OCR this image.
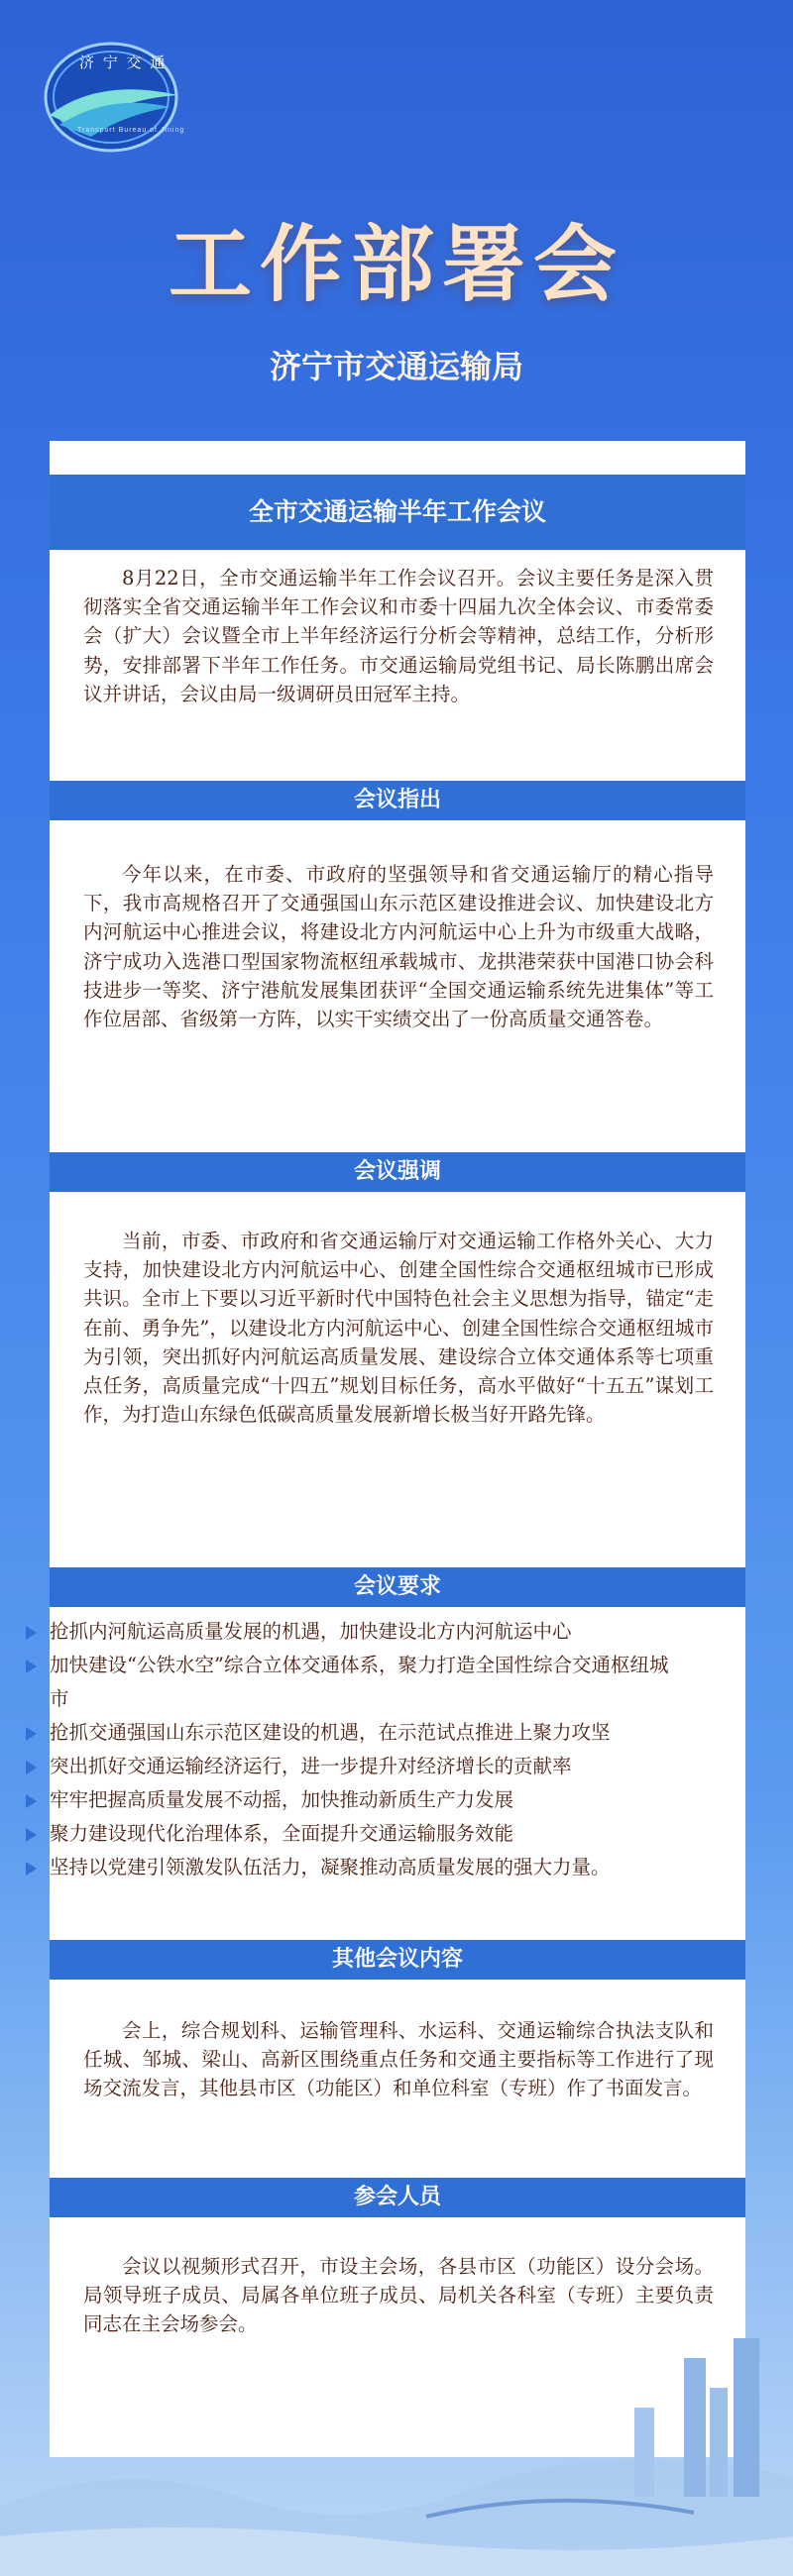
济 宁 交 通
Transport Bureau of Jining
工作部署会
济宁市交通运输局
全市交通运输半年工作会议

8月22日，全市交通运输半年工作会议召开。会议主要任务是深入贯彻落实全省交通运输半年工作会议和市委十四届九次全体会议、市委常委会（扩大）会议暨全市上半年经济运行分析会等精神，总结工作，分析形势，安排部署下半年工作任务。市交通运输局党组书记、局长陈鹏出席会议并讲话，会议由局一级调研员田冠军主持。

会议指出

今年以来，在市委、市政府的坚强领导和省交通运输厅的精心指导下，我市高规格召开了交通强国山东示范区建设推进会议、加快建设北方内河航运中心推进会议，将建设北方内河航运中心上升为市级重大战略，济宁成功入选港口型国家物流枢纽承载城市、龙拱港荣获中国港口协会科技进步一等奖、济宁港航发展集团获评“全国交通运输系统先进集体”等工作位居部、省级第一方阵，以实干实绩交出了一份高质量交通答卷。

会议强调

当前，市委、市政府和省交通运输厅对交通运输工作格外关心、大力支持，加快建设北方内河航运中心、创建全国性综合交通枢纽城市已形成共识。全市上下要以习近平新时代中国特色社会主义思想为指导，锚定“走在前、勇争先”，以建设北方内河航运中心、创建全国性综合交通枢纽城市为引领，突出抓好内河航运高质量发展、建设综合立体交通体系等七项重点任务，高质量完成“十四五”规划目标任务，高水平做好“十五五”谋划工作，为打造山东绿色低碳高质量发展新增长极当好开路先锋。

会议要求
其他会议内容

会上，综合规划科、运输管理科、水运科、交通运输综合执法支队和任城、邹城、梁山、高新区围绕重点任务和交通主要指标等工作进行了现场交流发言，其他县市区（功能区）和单位科室（专班）作了书面发言。

参会人员

会议以视频形式召开，市设主会场，各县市区（功能区）设分会场。局领导班子成员、局属各单位班子成员、局机关各科室（专班）主要负责同志在主会场参会。

抢抓内河航运高质量发展的机遇，加快建设北方内河航运中心
加快建设“公铁水空”综合立体交通体系，聚力打造全国性综合交通枢纽城市
抢抓交通强国山东示范区建设的机遇，在示范试点推进上聚力攻坚
突出抓好交通运输经济运行，进一步提升对经济增长的贡献率
牢牢把握高质量发展不动摇，加快推动新质生产力发展
聚力建设现代化治理体系，全面提升交通运输服务效能
坚持以党建引领激发队伍活力，凝聚推动高质量发展的强大力量。
